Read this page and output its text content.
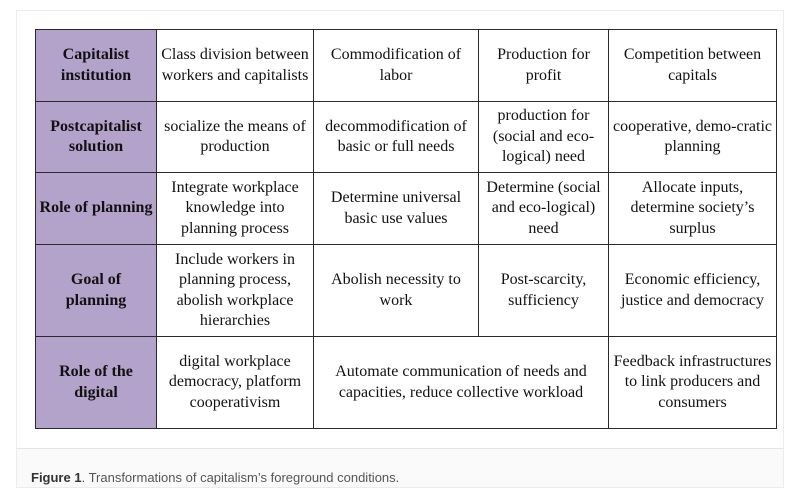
Capitalist institution	Class division between workers and capitalists	Commodification of labor	Production for profit	Competition between capitals
Postcapitalist solution	socialize the means of production	decommodification of basic or full needs	production for (social and eco-logical) need	cooperative, demo-cratic planning
Role of planning	Integrate workplace knowledge into planning process	Determine universal basic use values	Determine (social and eco-logical) need	Allocate inputs, determine society’s surplus
Goal of planning	Include workers in planning process, abolish workplace hierarchies	Abolish necessity to work	Post-scarcity, sufficiency	Economic efficiency, justice and democracy
Role of the digital	digital workplace democracy, platform cooperativism	Automate communication of needs and capacities, reduce collective workload		Feedback infrastructures to link producers and consumers
Figure 1. Transformations of capitalism’s foreground conditions.
